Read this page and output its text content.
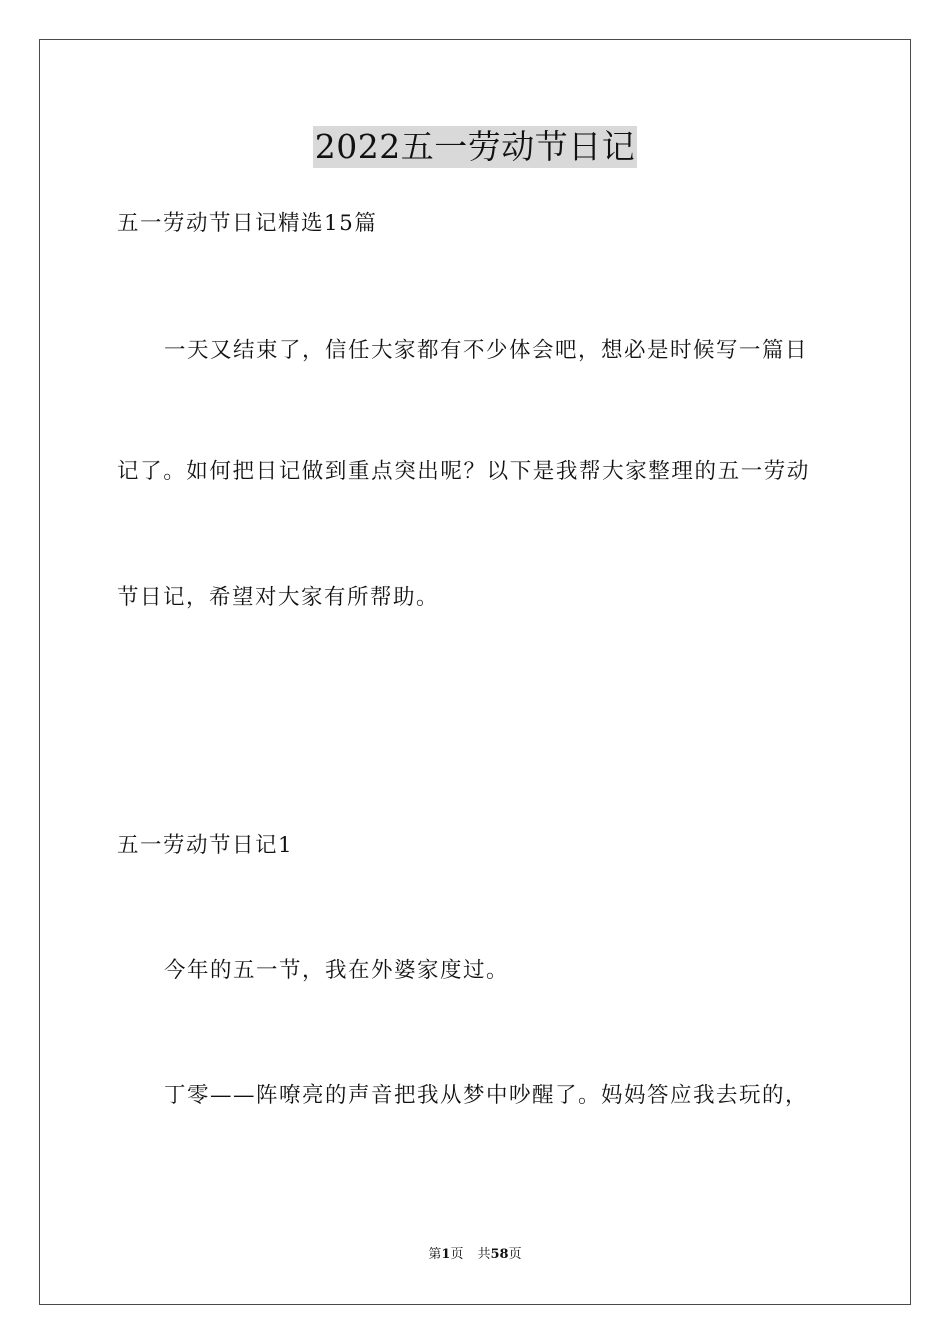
2022五一劳动节日记
五一劳动节日记精选15篇
一天又结束了，信任大家都有不少体会吧，想必是时候写一篇日
记了。如何把日记做到重点突出呢？以下是我帮大家整理的五一劳动
节日记，希望对大家有所帮助。
五一劳动节日记1
今年的五一节，我在外婆家度过。
丁零——阵嘹亮的声音把我从梦中吵醒了。妈妈答应我去玩的，
第1页 共58页
